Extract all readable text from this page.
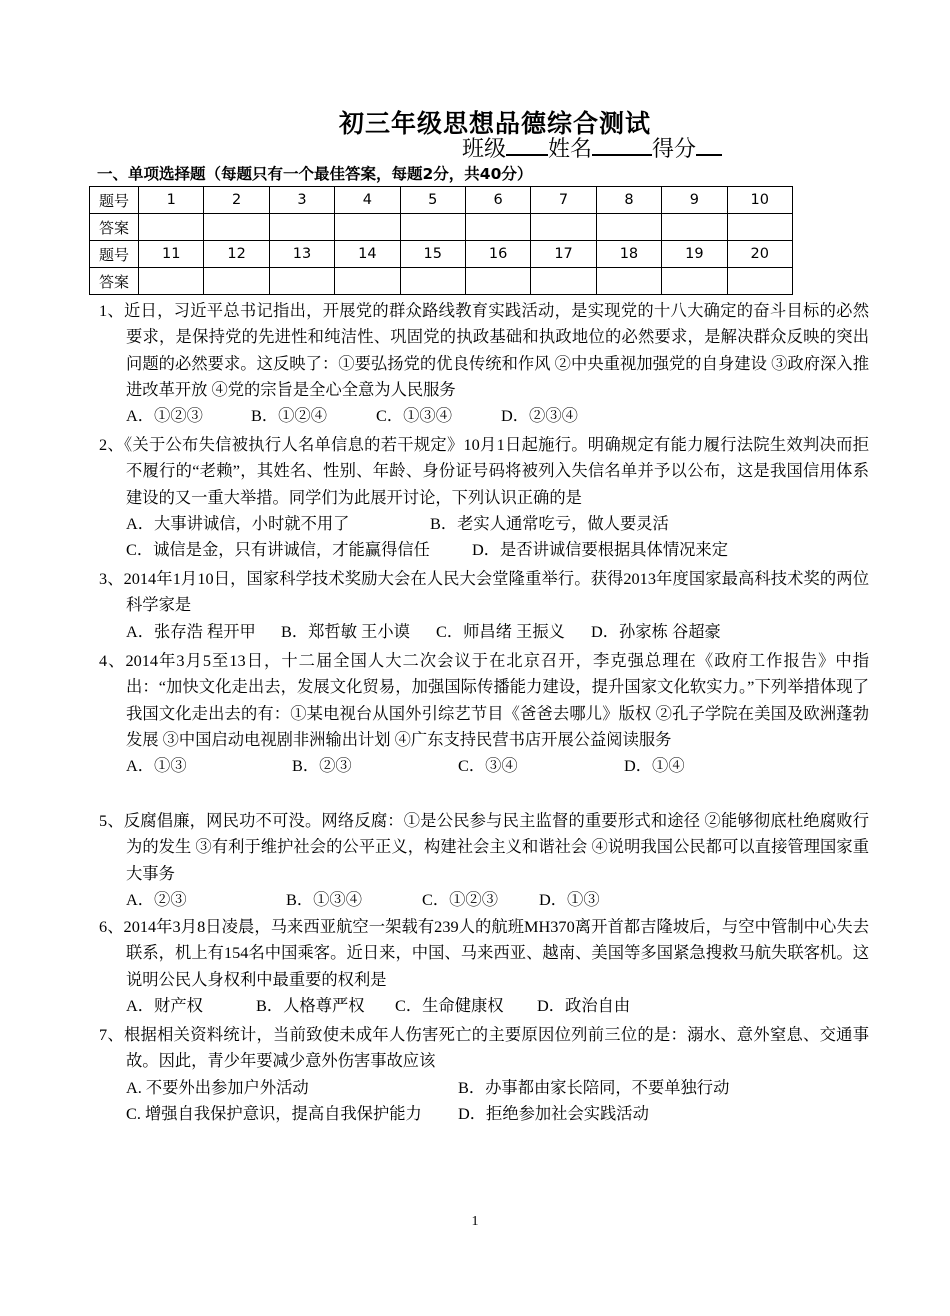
初三年级思想品德综合测试
班级 姓名	得分
一、单项选择题（每题只有一个最佳答案，每题2分，共40分）
题号	1	2	3	4	5	6	7	8	9	10
答案										
题号	11	12	13	14	15	16	17	18	19	20
答案										

1、近日，习近平总书记指出，开展党的群众路线教育实践活动，是实现党的十八大确定的奋斗目标的必然要求，是保持党的先进性和纯洁性、巩固党的执政基础和执政地位的必然要求，是解决群众反映的突出问题的必然要求。这反映了：①要弘扬党的优良传统和作风 ②中央重视加强党的自身建设 ③政府深入推进改革开放 ④党的宗旨是全心全意为人民服务

A．①②③	B．①②④	C．①③④	D．②③④

2、《关于公布失信被执行人名单信息的若干规定》10月1日起施行。明确规定有能力履行法院生效判决而拒不履行的“老赖”，其姓名、性别、年龄、身份证号码将被列入失信名单并予以公布，这是我国信用体系建设的又一重大举措。同学们为此展开讨论，下列认识正确的是

A．大事讲诚信，小时就不用了	B．老实人通常吃亏，做人要灵活
C．诚信是金，只有讲诚信，才能赢得信任	D．是否讲诚信要根据具体情况来定

3、2014年1月10日，国家科学技术奖励大会在人民大会堂隆重举行。获得2013年度国家最高科技术奖的两位科学家是

A．张存浩 程开甲 B．郑哲敏 王小谟 C．师昌绪 王振义 D．孙家栋 谷超豪

4、2014年3月5至13日，十二届全国人大二次会议于在北京召开，李克强总理在《政府工作报告》中指出：“加快文化走出去，发展文化贸易，加强国际传播能力建设，提升国家文化软实力。”下列举措体现了我国文化走出去的有：①某电视台从国外引综艺节目《爸爸去哪儿》版权 ②孔子学院在美国及欧洲蓬勃发展 ③中国启动电视剧非洲输出计划 ④广东支持民营书店开展公益阅读服务

A．①③	B．②③	C．③④	D．①④

5、反腐倡廉，网民功不可没。网络反腐：①是公民参与民主监督的重要形式和途径 ②能够彻底杜绝腐败行为的发生 ③有利于维护社会的公平正义，构建社会主义和谐社会 ④说明我国公民都可以直接管理国家重大事务

A．②③	B．①③④	C．①②③	D．①③

6、2014年3月8日凌晨，马来西亚航空一架载有239人的航班MH370离开首都吉隆坡后，与空中管制中心失去联系，机上有154名中国乘客。近日来，中国、马来西亚、越南、美国等多国紧急搜救马航失联客机。这说明公民人身权利中最重要的权利是

A．财产权	B．人格尊严权 C．生命健康权 D．政治自由

7、根据相关资料统计，当前致使未成年人伤害死亡的主要原因位列前三位的是：溺水、意外窒息、交通事故。因此，青少年要减少意外伤害事故应该

A. 不要外出参加户外活动	B．办事都由家长陪同，不要单独行动
C. 增强自我保护意识，提高自我保护能力 D．拒绝参加社会实践活动
1
